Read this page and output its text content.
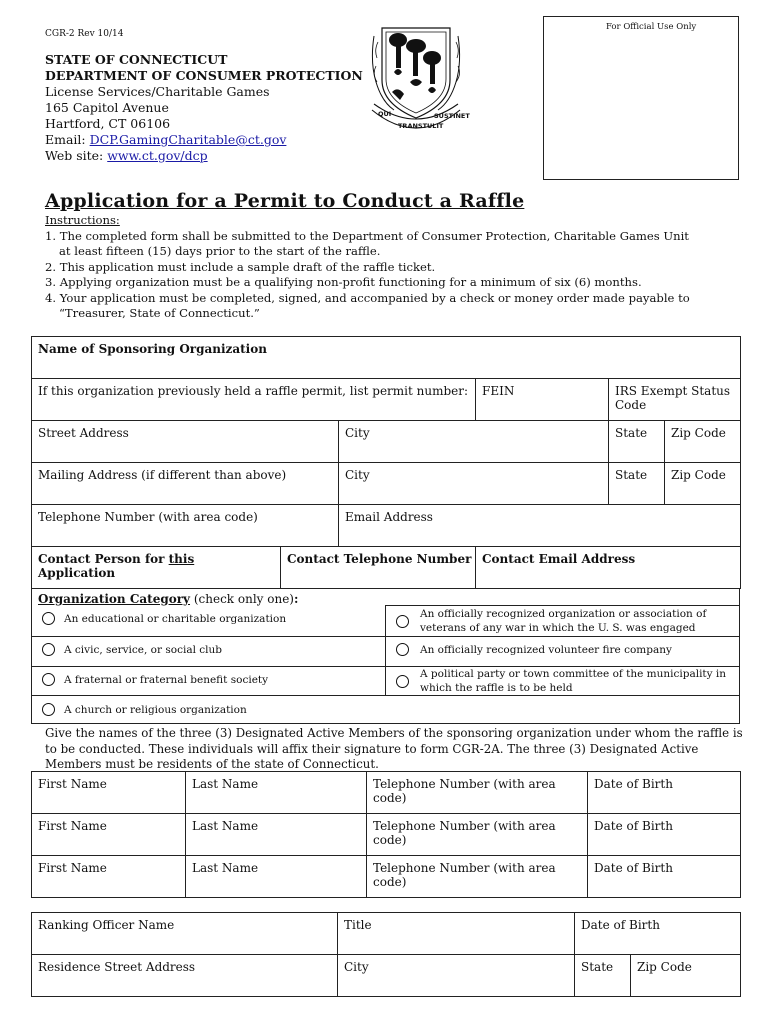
CGR-2 Rev 10/14
For Official Use Only
STATE OF CONNECTICUT
DEPARTMENT OF CONSUMER PROTECTION
License Services/Charitable Games
165 Capitol Avenue
Hartford, CT 06106
Email: DCP.GamingCharitable@ct.gov
Web site: www.ct.gov/dcp
QUI TRANSTULIT SUSTINET
Application for a Permit to Conduct a Raffle
Instructions:
1. The completed form shall be submitted to the Department of Consumer Protection, Charitable Games Unit
at least fifteen (15) days prior to the start of the raffle.
2. This application must include a sample draft of the raffle ticket.
3. Applying organization must be a qualifying non-profit functioning for a minimum of six (6) months.
4. Your application must be completed, signed, and accompanied by a check or money order made payable to
“Treasurer, State of Connecticut.”
Name of Sponsoring Organization					
If this organization previously held a raffle permit, list permit number:			FEIN	IRS Exempt Status Code	
Street Address		City		State	Zip Code
Mailing Address (if different than above)		City		State	Zip Code
Telephone Number (with area code)		Email Address			
Contact Person for this Application	Contact Telephone Number		Contact Email Address		
Organization Category (check only one):
An educational or charitable organization
A civic, service, or social club
A fraternal or fraternal benefit society
A church or religious organization
An officially recognized organization or association of
veterans of any war in which the U. S. was engaged
An officially recognized volunteer fire company
A political party or town committee of the municipality in
which the raffle is to be held
Give the names of the three (3) Designated Active Members of the sponsoring organization under whom the raffle is
to be conducted. These individuals will affix their signature to form CGR-2A. The three (3) Designated Active
Members must be residents of the state of Connecticut.
First Name	Last Name	Telephone Number (with area code)	Date of Birth
First Name	Last Name	Telephone Number (with area code)	Date of Birth
First Name	Last Name	Telephone Number (with area code)	Date of Birth
Ranking Officer Name	Title	Date of Birth	
Residence Street Address	City	State	Zip Code
